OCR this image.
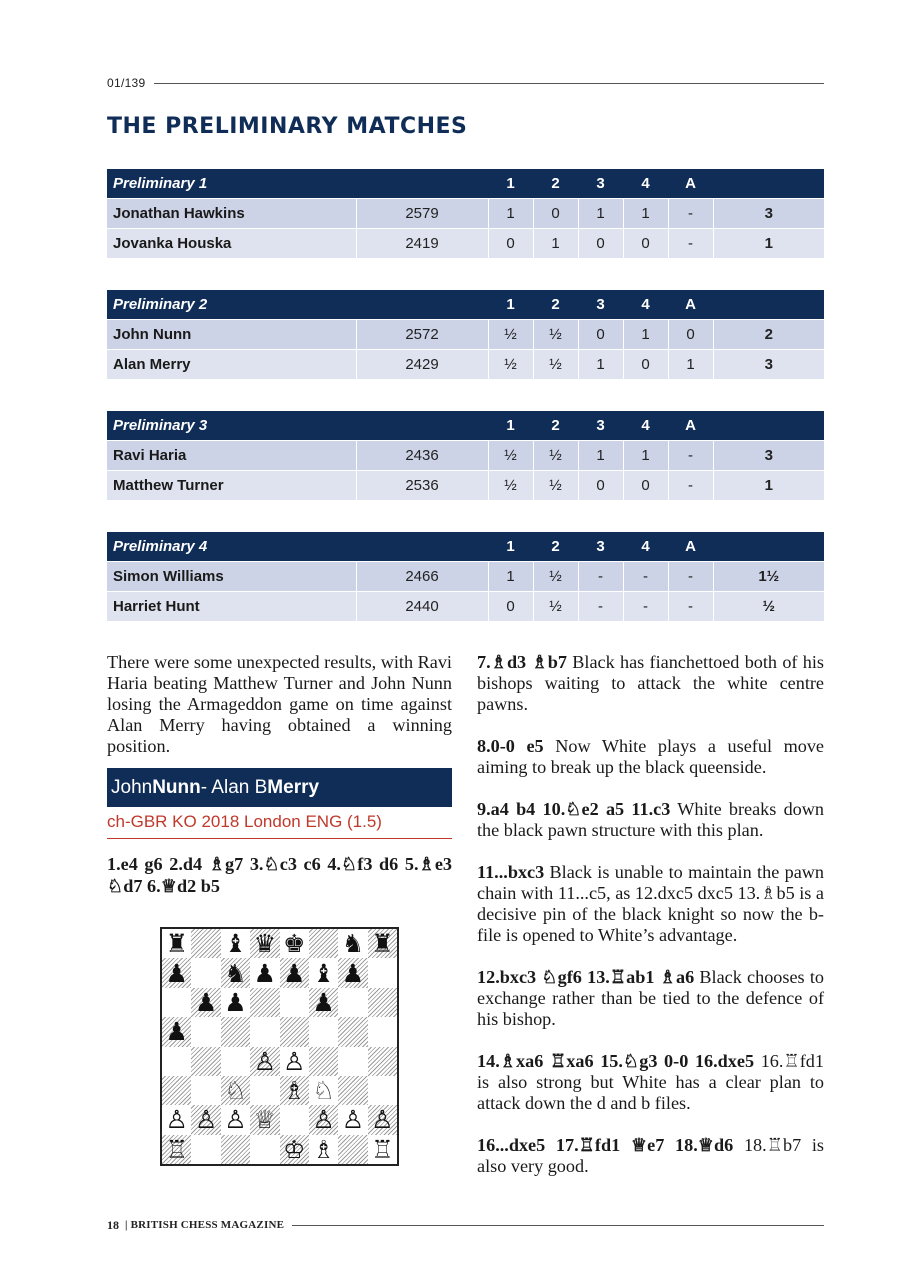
01/139
THE PRELIMINARY MATCHES
Preliminary 1		1	2	3	4	A	
Jonathan Hawkins	2579	1	0	1	1	-	3
Jovanka Houska	2419	0	1	0	0	-	1
Preliminary 2		1	2	3	4	A	
John Nunn	2572	½	½	0	1	0	2
Alan Merry	2429	½	½	1	0	1	3
Preliminary 3		1	2	3	4	A	
Ravi Haria	2436	½	½	1	1	-	3
Matthew Turner	2536	½	½	0	0	-	1
Preliminary 4		1	2	3	4	A	
Simon Williams	2466	1	½	-	-	-	1½
Harriet Hunt	2440	0	½	-	-	-	½

There were some unexpected results, with Ravi Haria beating Matthew Turner and John Nunn losing the Armageddon game on time against Alan Merry having obtained a winning position.

John Nunn - Alan B Merry
ch-GBR KO 2018 London ENG (1.5)
1.e4 g6 2.d4 ♗g7 3.♘c3 c6 4.♘f3 d6 5.♗e3 ♘d7 6.♕d2 b5
♜ ♝ ♛ ♚ ♞ ♜
♟ ♞ ♟ ♟ ♝ ♟
♟ ♟	♟
♟
♙ ♙
♘ ♗ ♘
♙ ♙ ♙ ♕ ♙ ♙ ♙
♖	♔ ♗ ♖

7.♗d3 ♗b7 Black has fianchettoed both of his bishops waiting to attack the white centre pawns.

8.0-0 e5 Now White plays a useful move aiming to break up the black queenside.

9.a4 b4 10.♘e2 a5 11.c3 White breaks down the black pawn structure with this plan.

11...bxc3 Black is unable to maintain the pawn chain with 11...c5, as 12.dxc5 dxc5 13.♗b5 is a decisive pin of the black knight so now the b-file is opened to White’s advantage.

12.bxc3 ♘gf6 13.♖ab1 ♗a6 Black chooses to exchange rather than be tied to the defence of his bishop.

14.♗xa6 ♖xa6 15.♘g3 0-0 16.dxe5 16.♖fd1 is also strong but White has a clear plan to attack down the d and b files.

16...dxe5 17.♖fd1 ♕e7 18.♕d6 18.♖b7 is also very good.

18 | BRITISH CHESS MAGAZINE
